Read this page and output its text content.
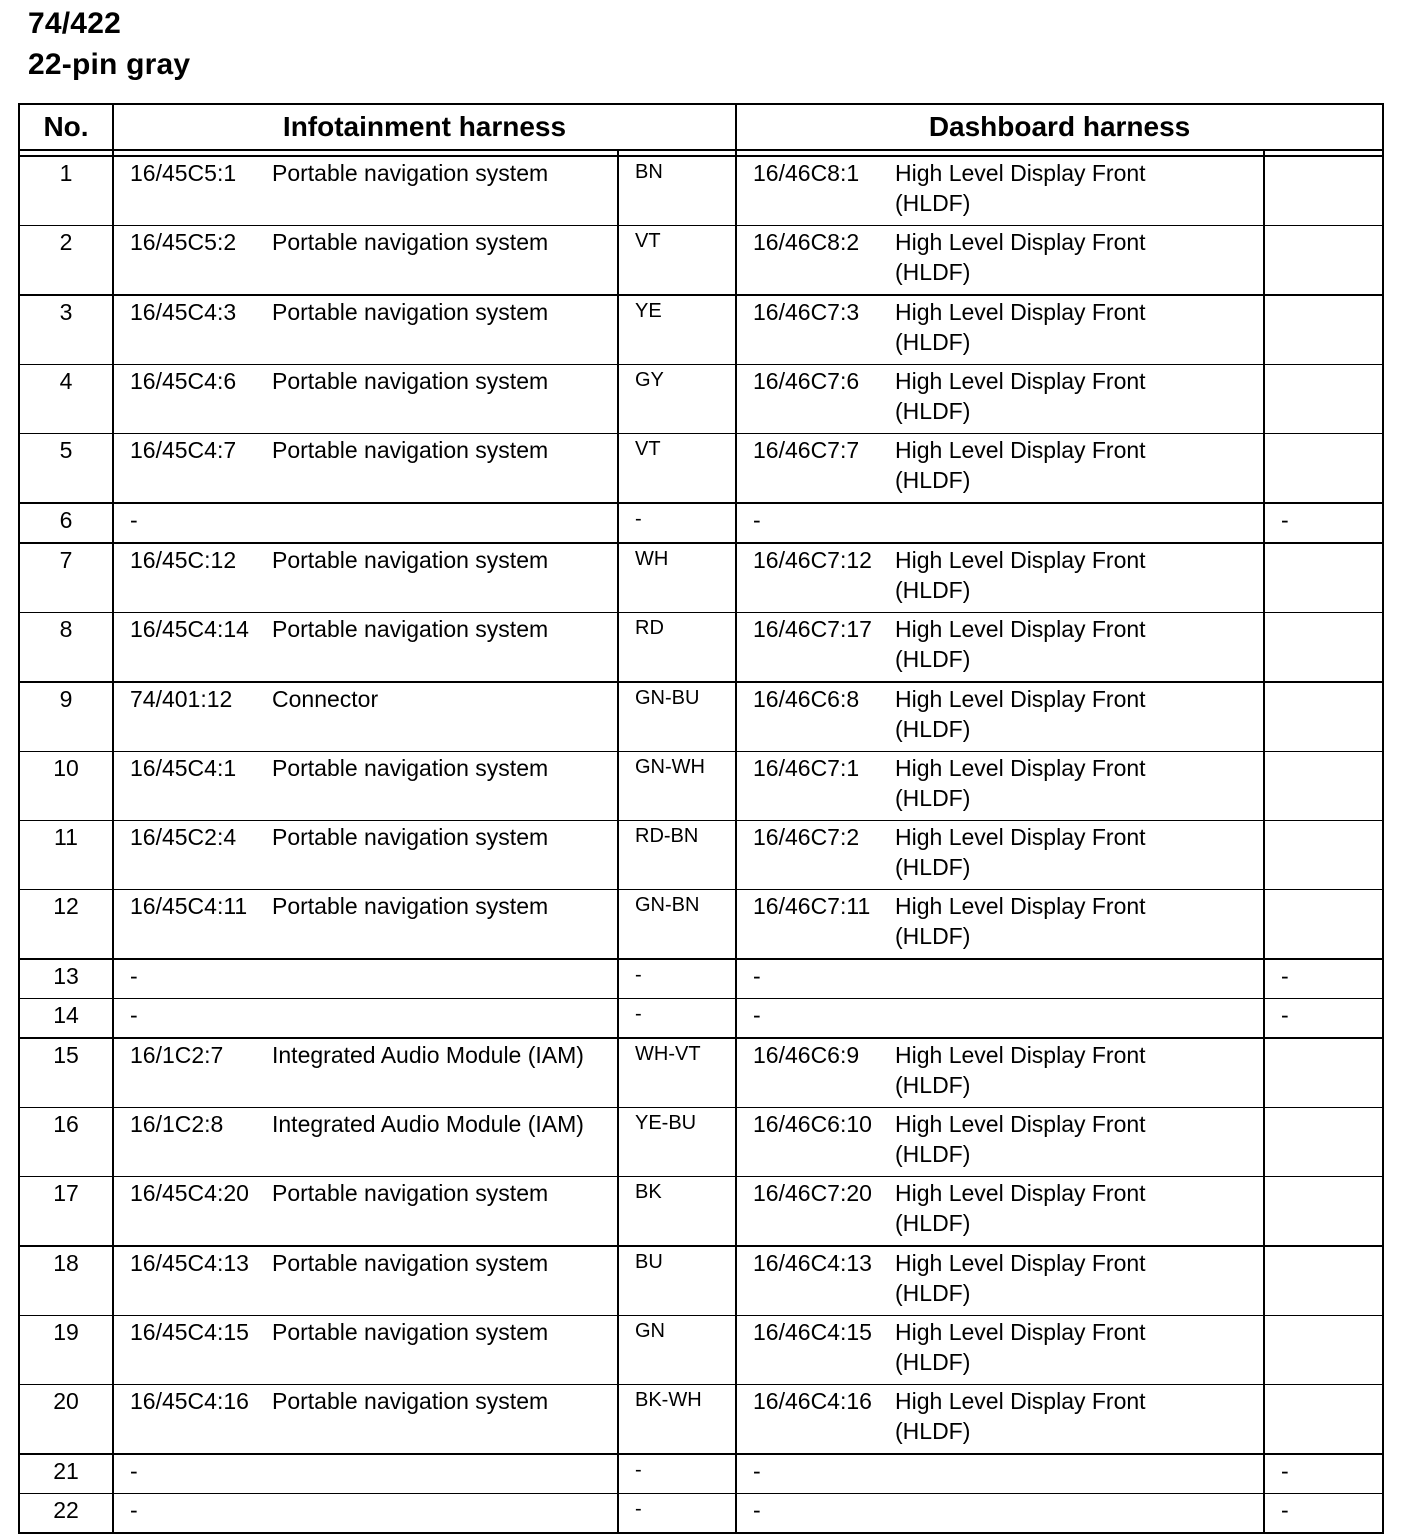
74/422
22-pin gray
No.	Infotainment harness		Dashboard harness	

1	16/45C5:1 Portable navigation system	BN	16/46C8:1 High Level Display Front (HLDF)	
2	16/45C5:2 Portable navigation system	VT	16/46C8:2 High Level Display Front (HLDF)	
3	16/45C4:3 Portable navigation system	YE	16/46C7:3 High Level Display Front (HLDF)	
4	16/45C4:6 Portable navigation system	GY	16/46C7:6 High Level Display Front (HLDF)	
5	16/45C4:7 Portable navigation system	VT	16/46C7:7 High Level Display Front (HLDF)	
6	-	-	-	-
7	16/45C:12 Portable navigation system	WH	16/46C7:12 High Level Display Front (HLDF)	
8	16/45C4:14 Portable navigation system	RD	16/46C7:17 High Level Display Front (HLDF)	
9	74/401:12 Connector	GN-BU	16/46C6:8 High Level Display Front (HLDF)	
10	16/45C4:1 Portable navigation system	GN-WH	16/46C7:1 High Level Display Front (HLDF)	
11	16/45C2:4 Portable navigation system	RD-BN	16/46C7:2 High Level Display Front (HLDF)	
12	16/45C4:11 Portable navigation system	GN-BN	16/46C7:11 High Level Display Front (HLDF)	
13	-	-	-	-
14	-	-	-	-
15	16/1C2:7 Integrated Audio Module (IAM)	WH-VT	16/46C6:9 High Level Display Front (HLDF)	
16	16/1C2:8 Integrated Audio Module (IAM)	YE-BU	16/46C6:10 High Level Display Front (HLDF)	
17	16/45C4:20 Portable navigation system	BK	16/46C7:20 High Level Display Front (HLDF)	
18	16/45C4:13 Portable navigation system	BU	16/46C4:13 High Level Display Front (HLDF)	
19	16/45C4:15 Portable navigation system	GN	16/46C4:15 High Level Display Front (HLDF)	
20	16/45C4:16 Portable navigation system	BK-WH	16/46C4:16 High Level Display Front (HLDF)	
21	-	-	-	-
22	-	-	-	-
